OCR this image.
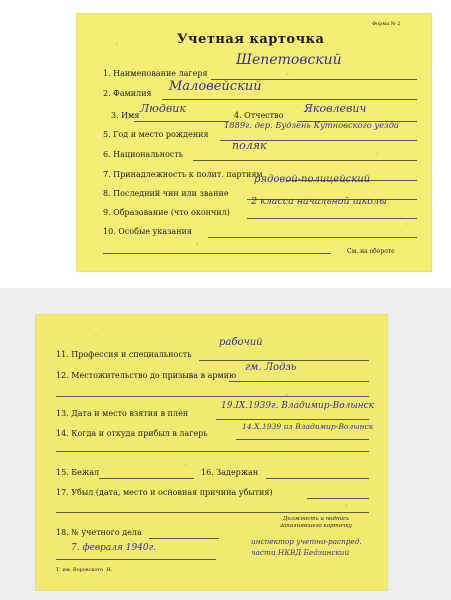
Форма № 2
Учетная карточка
1. Наименование лагеря
Шепетовский
2. Фамилия Маловейский
3. Имя
Людвик
4. Отчество
Яковлевич
5. Год и место рождения
1889г. дер. Будзень Кутновского уезда
6. Национальность
поляк
7. Принадлежность к полит. партиям
8. Последний чин или звание
рядовой-полицейский
9. Образование (что окончил)
2 класса начальной школы
10. Особые указания
См. на обороте
11. Профессия и специальность
рабочий
12. Местожительство до призыва в армию
гм. Лодзь
13. Дата и место взятия в плен
19.IX.1939г. Владимир-Волынск
14. Когда и откуда прибыл в лагерь
14.X.1939 из Владимир-Волынск
15. Бежал	16. Задержан
17. Убыл (дата, место и основная причина убытия)
18. № учетного дела
Должность и подпись заполнявшего карточку
7. февраля 1940г.
инспектор учетно-распред. части НКВД Бедзинский
Т. им. Воровского. Н.
